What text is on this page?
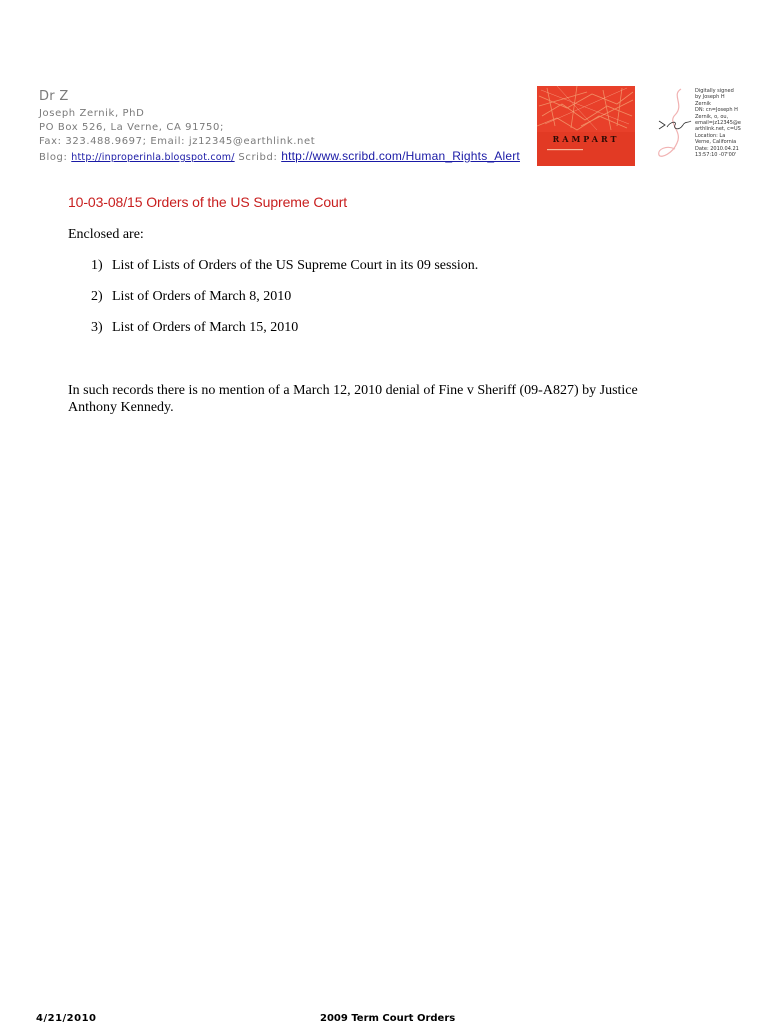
Dr Z
Joseph Zernik, PhD
PO Box 526, La Verne, CA 91750;
Fax: 323.488.9697; Email: jz12345@earthlink.net
Blog: http://inproperinla.blogspot.com/ Scribd: http://www.scribd.com/Human_Rights_Alert
RAMPART
Digitally signed
by Joseph H
Zernik
DN: cn=Joseph H
Zernik, o, ou,
email=jz12345@e
arthlink.net, c=US
Location: La
Verne, California
Date: 2010.04.21
13:57:10 -07'00'
10-03-08/15 Orders of the US Supreme Court
Enclosed are:
1) List of Lists of Orders of the US Supreme Court in its 09 session.
2) List of Orders of March 8, 2010
3) List of Orders of March 15, 2010

In such records there is no mention of a March 12, 2010 denial of Fine v Sheriff (09-A827) by Justice Anthony Kennedy.

4/21/2010	2009 Term Court Orders
